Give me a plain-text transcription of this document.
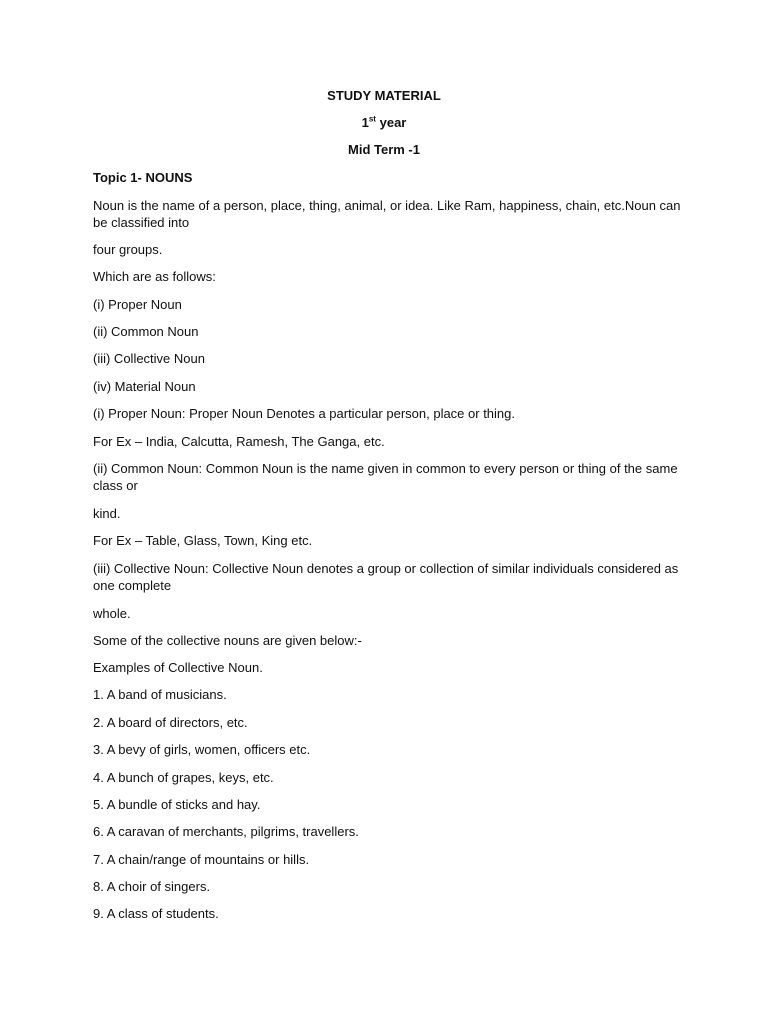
STUDY MATERIAL

1st year

Mid Term -1

Topic 1- NOUNS

Noun is the name of a person, place, thing, animal, or idea. Like Ram, happiness, chain, etc.Noun can be classified into

four groups.

Which are as follows:

(i) Proper Noun

(ii) Common Noun

(iii) Collective Noun

(iv) Material Noun

(i) Proper Noun: Proper Noun Denotes a particular person, place or thing.

For Ex – India, Calcutta, Ramesh, The Ganga, etc.

(ii) Common Noun: Common Noun is the name given in common to every person or thing of the same class or

kind.

For Ex – Table, Glass, Town, King etc.

(iii) Collective Noun: Collective Noun denotes a group or collection of similar individuals considered as one complete

whole.

Some of the collective nouns are given below:-

Examples of Collective Noun.

1. A band of musicians.

2. A board of directors, etc.

3. A bevy of girls, women, officers etc.

4. A bunch of grapes, keys, etc.

5. A bundle of sticks and hay.

6. A caravan of merchants, pilgrims, travellers.

7. A chain/range of mountains or hills.

8. A choir of singers.

9. A class of students.
